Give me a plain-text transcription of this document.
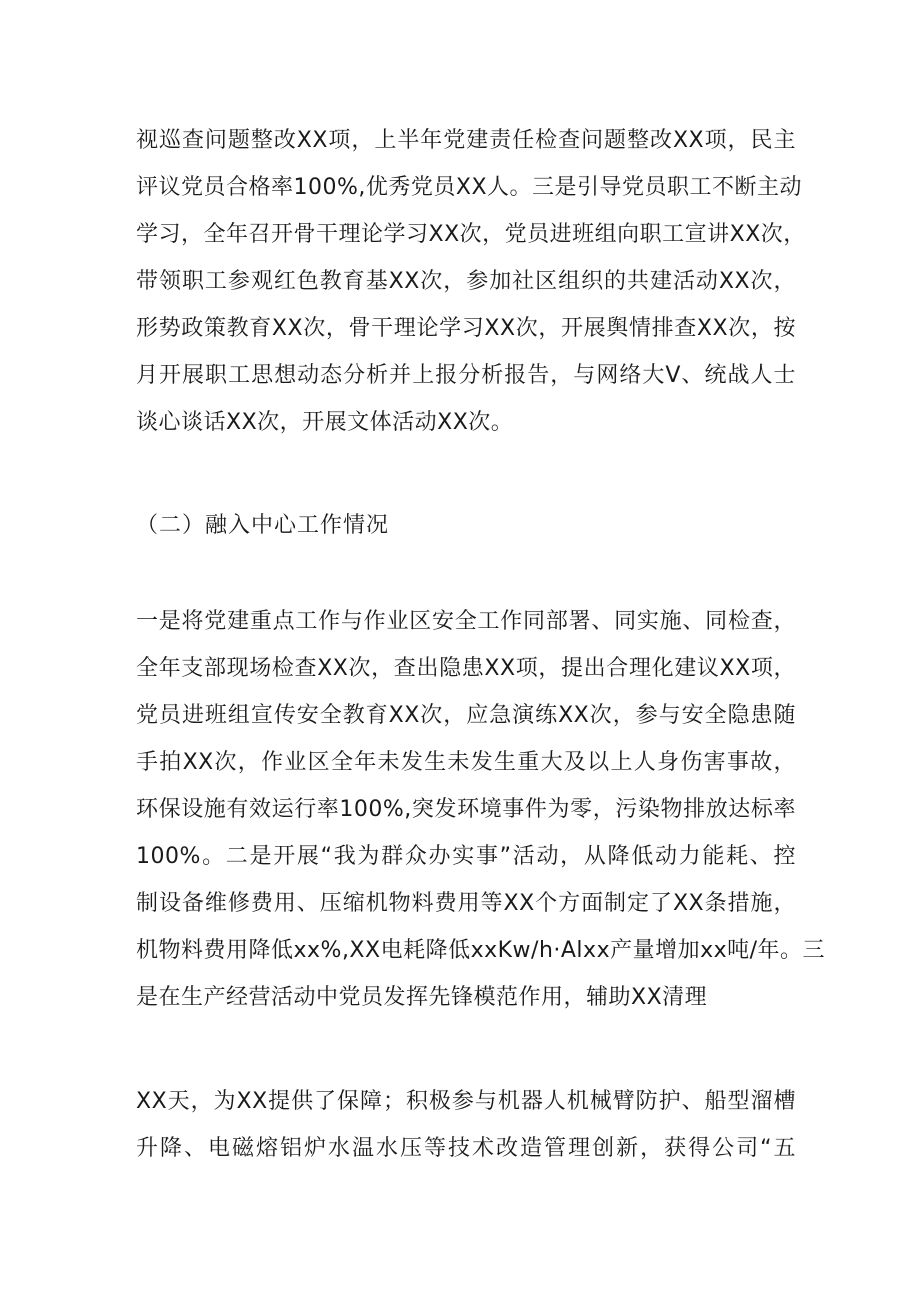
视巡查问题整改XX项，上半年党建责任检查问题整改XX项，民主
评议党员合格率100%,优秀党员XX人。三是引导党员职工不断主动
学习，全年召开骨干理论学习XX次，党员进班组向职工宣讲XX次，
带领职工参观红色教育基XX次，参加社区组织的共建活动XX次，
形势政策教育XX次，骨干理论学习XX次，开展舆情排查XX次，按
月开展职工思想动态分析并上报分析报告，与网络大V、统战人士
谈心谈话XX次，开展文体活动XX次。
（二）融入中心工作情况
一是将党建重点工作与作业区安全工作同部署、同实施、同检查，
全年支部现场检查XX次，查出隐患XX项，提出合理化建议XX项，
党员进班组宣传安全教育XX次，应急演练XX次，参与安全隐患随
手拍XX次，作业区全年未发生未发生重大及以上人身伤害事故，
环保设施有效运行率100%,突发环境事件为零，污染物排放达标率
100%。二是开展“我为群众办实事”活动，从降低动力能耗、控
制设备维修费用、压缩机物料费用等XX个方面制定了XX条措施，
机物料费用降低xx%,XX电耗降低xxKw/h·Alxx产量增加xx吨/年。三
是在生产经营活动中党员发挥先锋模范作用，辅助XX清理
XX天，为XX提供了保障；积极参与机器人机械臂防护、船型溜槽
升降、电磁熔铝炉水温水压等技术改造管理创新，获得公司“五
